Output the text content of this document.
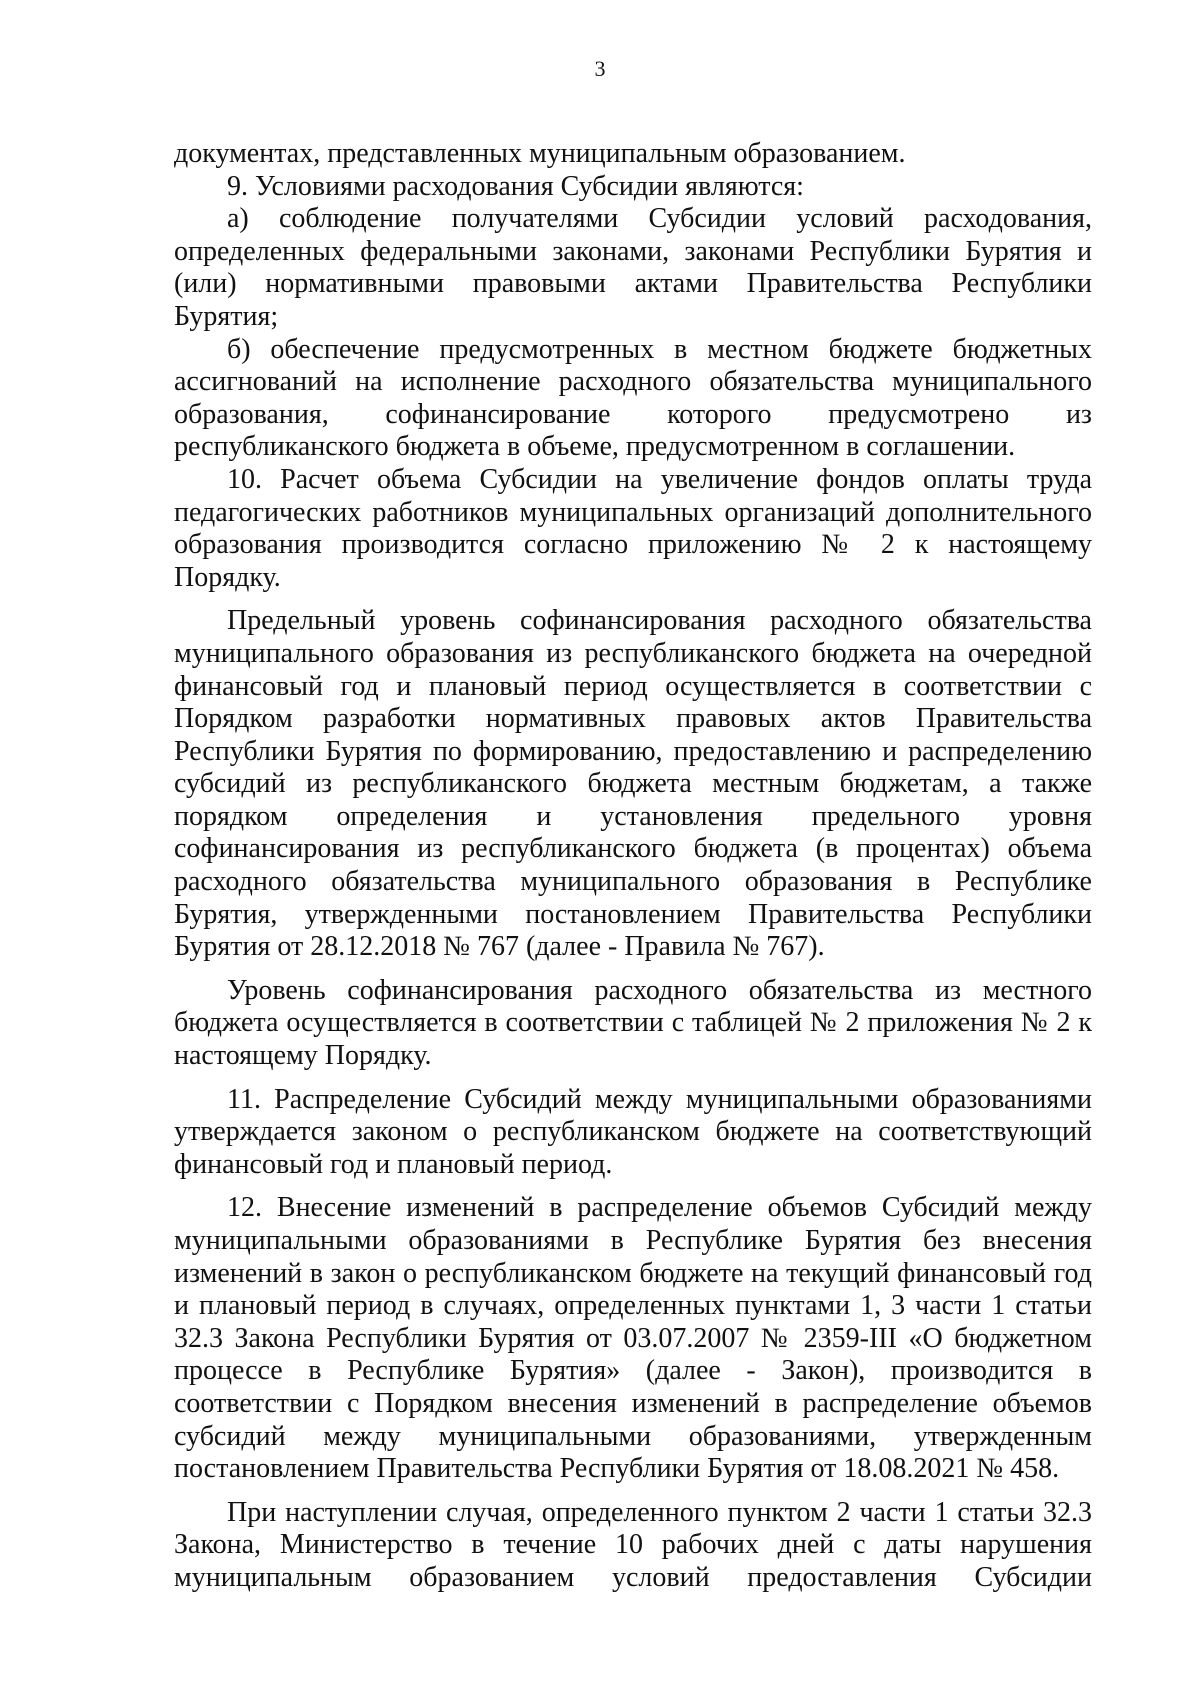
3

документах, представленных муниципальным образованием.

9. Условиями расходования Субсидии являются:

а) соблюдение получателями Субсидии условий расходования, определенных федеральными законами, законами Республики Бурятия и (или) нормативными правовыми актами Правительства Республики Бурятия;

б) обеспечение предусмотренных в местном бюджете бюджетных ассигнований на исполнение расходного обязательства муниципального образования, софинансирование которого предусмотрено из республиканского бюджета в объеме, предусмотренном в соглашении.

10. Расчет объема Субсидии на увеличение фондов оплаты труда педагогических работников муниципальных организаций дополнительного образования производится согласно приложению № 2 к настоящему Порядку.

Предельный уровень софинансирования расходного обязательства муниципального образования из республиканского бюджета на очередной финансовый год и плановый период осуществляется в соответствии с Порядком разработки нормативных правовых актов Правительства Республики Бурятия по формированию, предоставлению и распределению субсидий из республиканского бюджета местным бюджетам, а также порядком определения и установления предельного уровня софинансирования из республиканского бюджета (в процентах) объема расходного обязательства муниципального образования в Республике Бурятия, утвержденными постановлением Правительства Республики Бурятия от 28.12.2018 № 767 (далее - Правила № 767).

Уровень софинансирования расходного обязательства из местного бюджета осуществляется в соответствии с таблицей № 2 приложения № 2 к настоящему Порядку.

11. Распределение Субсидий между муниципальными образованиями утверждается законом о республиканском бюджете на соответствующий финансовый год и плановый период.

12. Внесение изменений в распределение объемов Субсидий между муниципальными образованиями в Республике Бурятия без внесения изменений в закон о республиканском бюджете на текущий финансовый год и плановый период в случаях, определенных пунктами 1, 3 части 1 статьи 32.3 Закона Республики Бурятия от 03.07.2007 № 2359-III «О бюджетном процессе в Республике Бурятия» (далее - Закон), производится в соответствии с Порядком внесения изменений в распределение объемов субсидий между муниципальными образованиями, утвержденным постановлением Правительства Республики Бурятия от 18.08.2021 № 458.

При наступлении случая, определенного пунктом 2 части 1 статьи 32.3 Закона, Министерство в течение 10 рабочих дней с даты нарушения муниципальным образованием условий предоставления Субсидии
